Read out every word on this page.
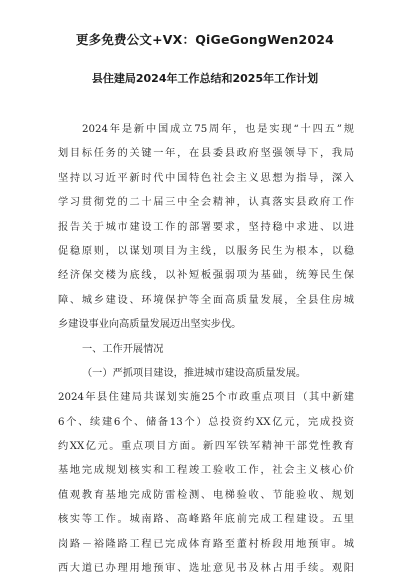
更多免费公文+VX：QiGeGongWen2024
县住建局2024年工作总结和2025年工作计划
2024年是新中国成立75周年，也是实现“十四五”规
划目标任务的关键一年，在县委县政府坚强领导下，我局
坚持以习近平新时代中国特色社会主义思想为指导，深入
学习贯彻党的二十届三中全会精神，认真落实县政府工作
报告关于城市建设工作的部署要求，坚持稳中求进、以进
促稳原则，以谋划项目为主线，以服务民生为根本，以稳
经济保交楼为底线，以补短板强弱项为基础，统筹民生保
障、城乡建设、环境保护等全面高质量发展，全县住房城
乡建设事业向高质量发展迈出坚实步伐。
一、工作开展情况
（一）严抓项目建设，推进城市建设高质量发展。
2024年县住建局共谋划实施25个市政重点项目（其中新建
6个、续建6个、储备13个）总投资约XX亿元，完成投资
约XX亿元。重点项目方面。新四军铁军精神干部党性教育
基地完成规划核实和工程竣工验收工作，社会主义核心价
值观教育基地完成防雷检测、电梯验收、节能验收、规划
核实等工作。城南路、高峰路年底前完成工程建设。五里
岗路－裕隆路工程已完成体育路至董村桥段用地预审。城
西大道已办理用地预审、选址意见书及林占用手续。观阳
